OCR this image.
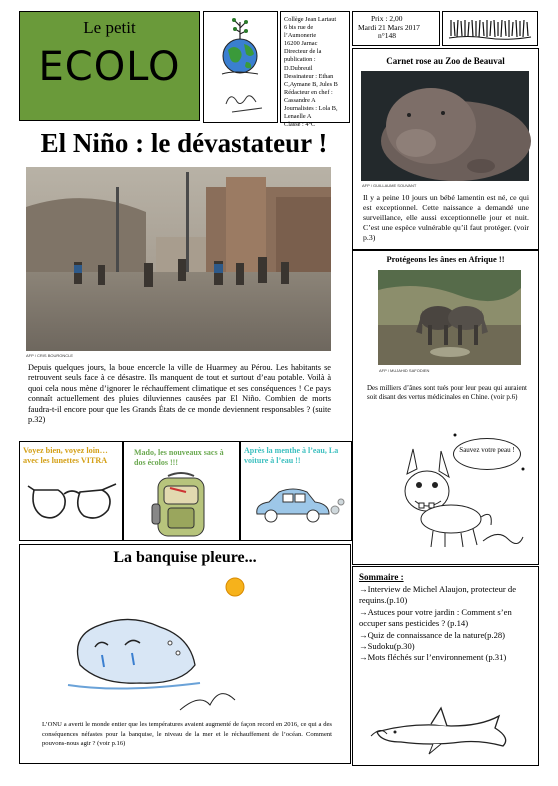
Le petit
ECOLO
Collège Jean Lartaut
6 bis rue de
l’Aumonerie
16200 Jarnac
Directeur de la
publication :
D.Dubreuil
Dessinateur : Ethan
C,Aymane B, Jules B
Rédacteur en chef :
Cassandre A
Journalistes : Lola B,
Lenaelle A
Classe : 4°C
Prix : 2,00
Mardi 21 Mars 2017
n°148
El Niño : le dévastateur !
AFP / CRIS BOURONCLE
Depuis quelques jours, la boue encercle la ville de Huarmey au Pérou. Les habitants se retrouvent seuls face à ce désastre. Ils manquent de tout et surtout d’eau potable. Voilà à quoi cela nous mène d’ignorer le réchauffement climatique et ses conséquences ! Ce pays connaît actuellement des pluies diluviennes causées par El Niño. Combien de morts faudra-t-il encore pour que les Grands États de ce monde deviennent responsables ? (suite p.32)
Carnet rose au Zoo de Beauval
AFP / GUILLAUME SOUVANT
Il y a peine 10 jours un bébé lamentin est né, ce qui est exceptionnel. Cette naissance a demandé une surveillance, elle aussi exceptionnelle jour et nuit. C’est une espèce vulnérable qu’il faut protéger. (voir p.3)
Protégeons les ânes en Afrique !!
AFP / MUJAHID SAFODIEN
Des milliers d’ânes sont tués pour leur peau qui auraient soit disant des vertus médicinales en Chine. (voir p.6)
Sauvez votre peau !
Voyez bien, voyez loin… avec les lunettes VITRA
Mado, les nouveaux sacs à dos écolos !!!
Après la menthe à l’eau, La voiture à l’eau !!
La banquise pleure...
L’ONU a averti le monde entier que les températures avaient augmenté de façon record en 2016, ce qui a des conséquences néfastes pour la banquise, le niveau de la mer et le réchauffement de l’océan. Comment pouvons-nous agir ? (voir p.16)
Sommaire :
→Interview de Michel Alaujon, protecteur de requins.(p.10)
→Astuces pour votre jardin : Comment s’en occuper sans pesticides ? (p.14)
→Quiz de connaissance de la nature(p.28)
→Sudoku(p.30)
→Mots fléchés sur l’environnement (p.31)
